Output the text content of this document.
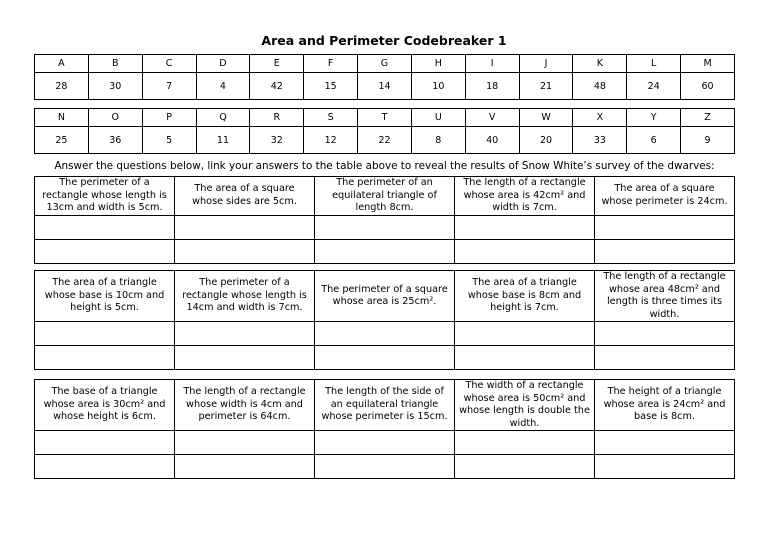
Area and Perimeter Codebreaker 1
A	B	C	D	E	F	G	H	I	J	K	L	M
28	30	7	4	42	15	14	10	18	21	48	24	60
N	O	P	Q	R	S	T	U	V	W	X	Y	Z
25	36	5	11	32	12	22	8	40	20	33	6	9
Answer the questions below, link your answers to the table above to reveal the results of Snow White’s survey of the dwarves:
The perimeter of a rectangle whose length is 13cm and width is 5cm.	The area of a square whose sides are 5cm.	The perimeter of an equilateral triangle of length 8cm.	The length of a rectangle whose area is 42cm² and width is 7cm.	The area of a square whose perimeter is 24cm.

The area of a triangle whose base is 10cm and height is 5cm.	The perimeter of a rectangle whose length is 14cm and width is 7cm.	The perimeter of a square whose area is 25cm².	The area of a triangle whose base is 8cm and height is 7cm.	The length of a rectangle whose area 48cm² and length is three times its width.

The base of a triangle whose area is 30cm² and whose height is 6cm.	The length of a rectangle whose width is 4cm and perimeter is 64cm.	The length of the side of an equilateral triangle whose perimeter is 15cm.	The width of a rectangle whose area is 50cm² and whose length is double the width.	The height of a triangle whose area is 24cm² and base is 8cm.
